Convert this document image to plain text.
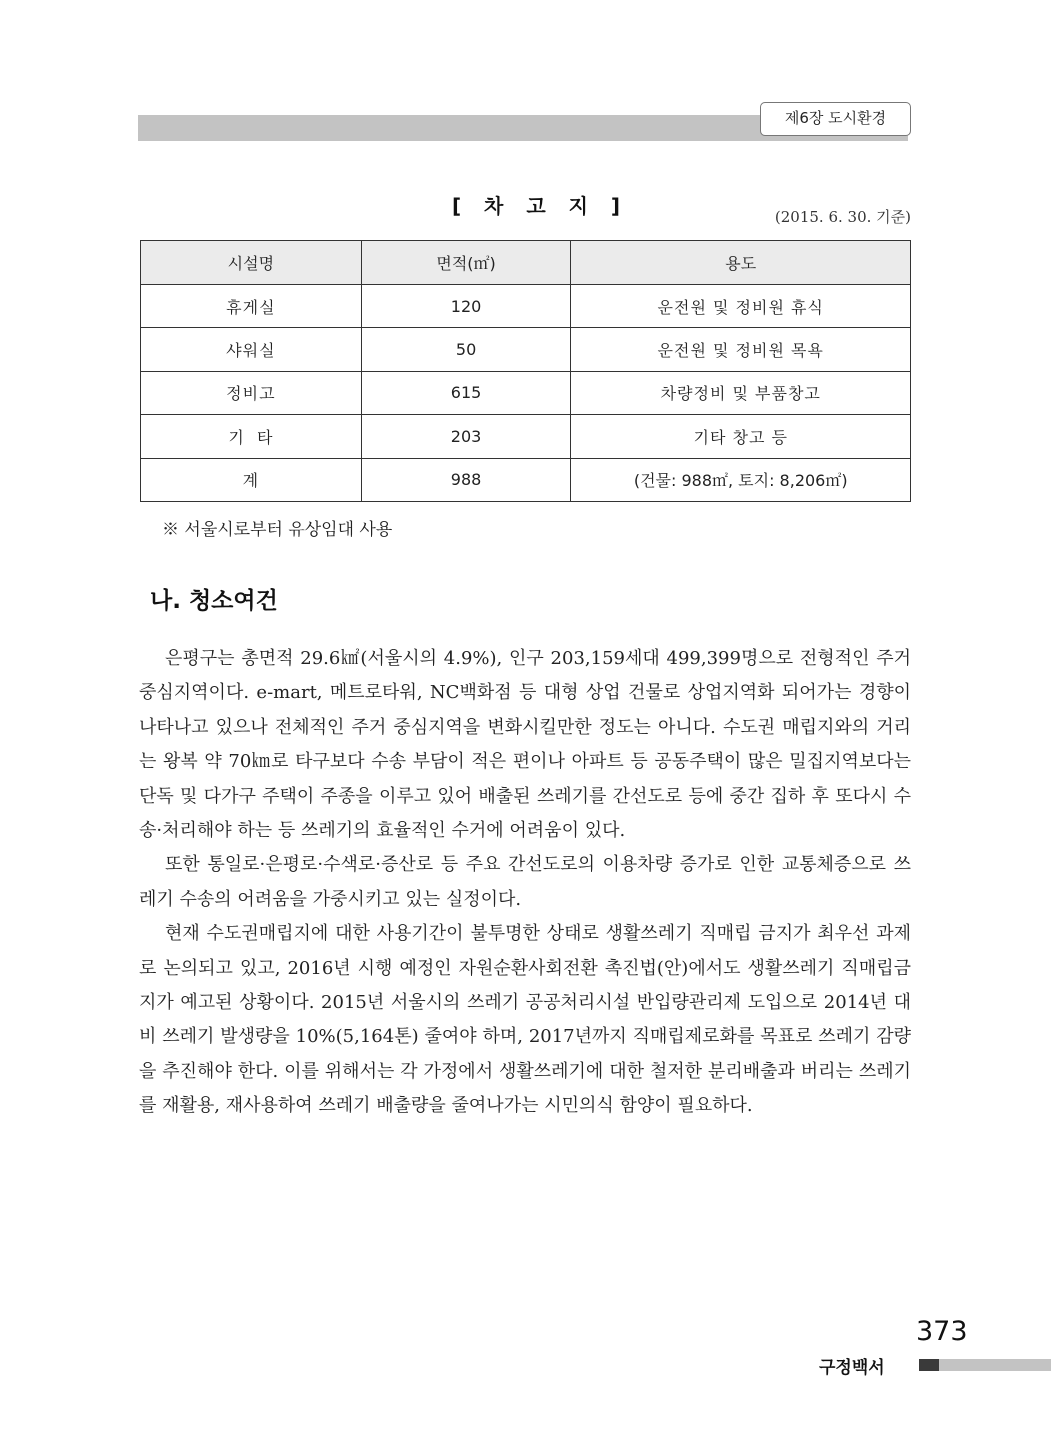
제6장 도시환경
[ 차 고 지 ]	(2015. 6. 30. 기준)
시설명	면적(㎡)	용도
휴게실	120	운전원 및 정비원 휴식
샤워실	50	운전원 및 정비원 목욕
정비고	615	차량정비 및 부품창고
기  타	203	기타 창고 등
계	988	(건물: 988㎡, 토지: 8,206㎡)
※ 서울시로부터 유상임대 사용
나. 청소여건

은평구는 총면적 29.6㎢(서울시의 4.9%), 인구 203,159세대 499,399명으로 전형적인 주거중심지역이다. e-mart, 메트로타워, NC백화점 등 대형 상업 건물로 상업지역화 되어가는 경향이 나타나고 있으나 전체적인 주거 중심지역을 변화시킬만한 정도는 아니다. 수도권 매립지와의 거리는 왕복 약 70㎞로 타구보다 수송 부담이 적은 편이나 아파트 등 공동주택이 많은 밀집지역보다는 단독 및 다가구 주택이 주종을 이루고 있어 배출된 쓰레기를 간선도로 등에 중간 집하 후 또다시 수송·처리해야 하는 등 쓰레기의 효율적인 수거에 어려움이 있다.

또한 통일로·은평로·수색로·증산로 등 주요 간선도로의 이용차량 증가로 인한 교통체증으로 쓰레기 수송의 어려움을 가중시키고 있는 실정이다.

현재 수도권매립지에 대한 사용기간이 불투명한 상태로 생활쓰레기 직매립 금지가 최우선 과제로 논의되고 있고, 2016년 시행 예정인 자원순환사회전환 촉진법(안)에서도 생활쓰레기 직매립금지가 예고된 상황이다. 2015년 서울시의 쓰레기 공공처리시설 반입량관리제 도입으로 2014년 대비 쓰레기 발생량을 10%(5,164톤) 줄여야 하며, 2017년까지 직매립제로화를 목표로 쓰레기 감량을 추진해야 한다. 이를 위해서는 각 가정에서 생활쓰레기에 대한 철저한 분리배출과 버리는 쓰레기를 재활용, 재사용하여 쓰레기 배출량을 줄여나가는 시민의식 함양이 필요하다.

373
구정백서
